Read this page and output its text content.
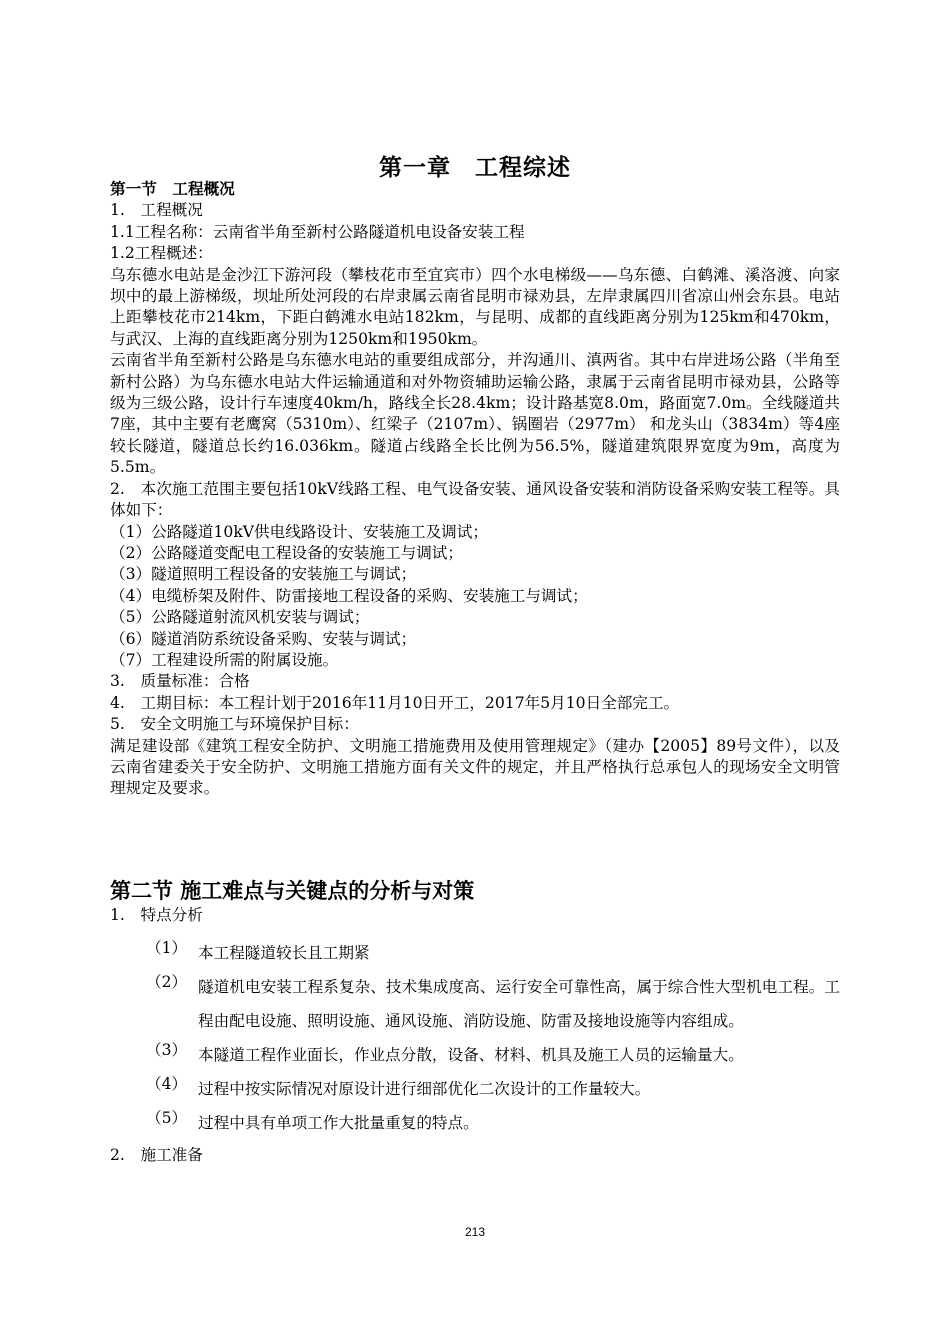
第一章　工程综述

第一节　工程概况

1.　工程概况

1.1工程名称：云南省半角至新村公路隧道机电设备安装工程

1.2工程概述：

乌东德水电站是金沙江下游河段（攀枝花市至宜宾市）四个水电梯级——乌东德、白鹤滩、溪洛渡、向家坝中的最上游梯级，坝址所处河段的右岸隶属云南省昆明市禄劝县，左岸隶属四川省凉山州会东县。电站上距攀枝花市214km，下距白鹤滩水电站182km，与昆明、成都的直线距离分别为125km和470km，与武汉、上海的直线距离分别为1250km和1950km。

云南省半角至新村公路是乌东德水电站的重要组成部分，并沟通川、滇两省。其中右岸进场公路（半角至新村公路）为乌东德水电站大件运输通道和对外物资辅助运输公路，隶属于云南省昆明市禄劝县，公路等级为三级公路，设计行车速度40km/h，路线全长28.4km；设计路基宽8.0m，路面宽7.0m。全线隧道共7座，其中主要有老鹰窝（5310m）、红梁子（2107m）、锅圈岩（2977m） 和龙头山（3834m）等4座较长隧道，隧道总长约16.036km。隧道占线路全长比例为56.5%，隧道建筑限界宽度为9m，高度为5.5m。

2.　本次施工范围主要包括10kV线路工程、电气设备安装、通风设备安装和消防设备采购安装工程等。具体如下：

（1）公路隧道10kV供电线路设计、安装施工及调试；

（2）公路隧道变配电工程设备的安装施工与调试；

（3）隧道照明工程设备的安装施工与调试；

（4）电缆桥架及附件、防雷接地工程设备的采购、安装施工与调试；

（5）公路隧道射流风机安装与调试；

（6）隧道消防系统设备采购、安装与调试；

（7）工程建设所需的附属设施。

3.　质量标准：合格

4.　工期目标：本工程计划于2016年11月10日开工，2017年5月10日全部完工。

5.　安全文明施工与环境保护目标：

满足建设部《建筑工程安全防护、文明施工措施费用及使用管理规定》（建办【2005】89号文件），以及云南省建委关于安全防护、文明施工措施方面有关文件的规定，并且严格执行总承包人的现场安全文明管理规定及要求。

第二节 施工难点与关键点的分析与对策

1.　特点分析

（1） 本工程隧道较长且工期紧
（2） 隧道机电安装工程系复杂、技术集成度高、运行安全可靠性高，属于综合性大型机电工程。工程由配电设施、照明设施、通风设施、消防设施、防雷及接地设施等内容组成。
（3） 本隧道工程作业面长，作业点分散，设备、材料、机具及施工人员的运输量大。
（4） 过程中按实际情况对原设计进行细部优化二次设计的工作量较大。
（5） 过程中具有单项工作大批量重复的特点。

2.　施工准备

213
